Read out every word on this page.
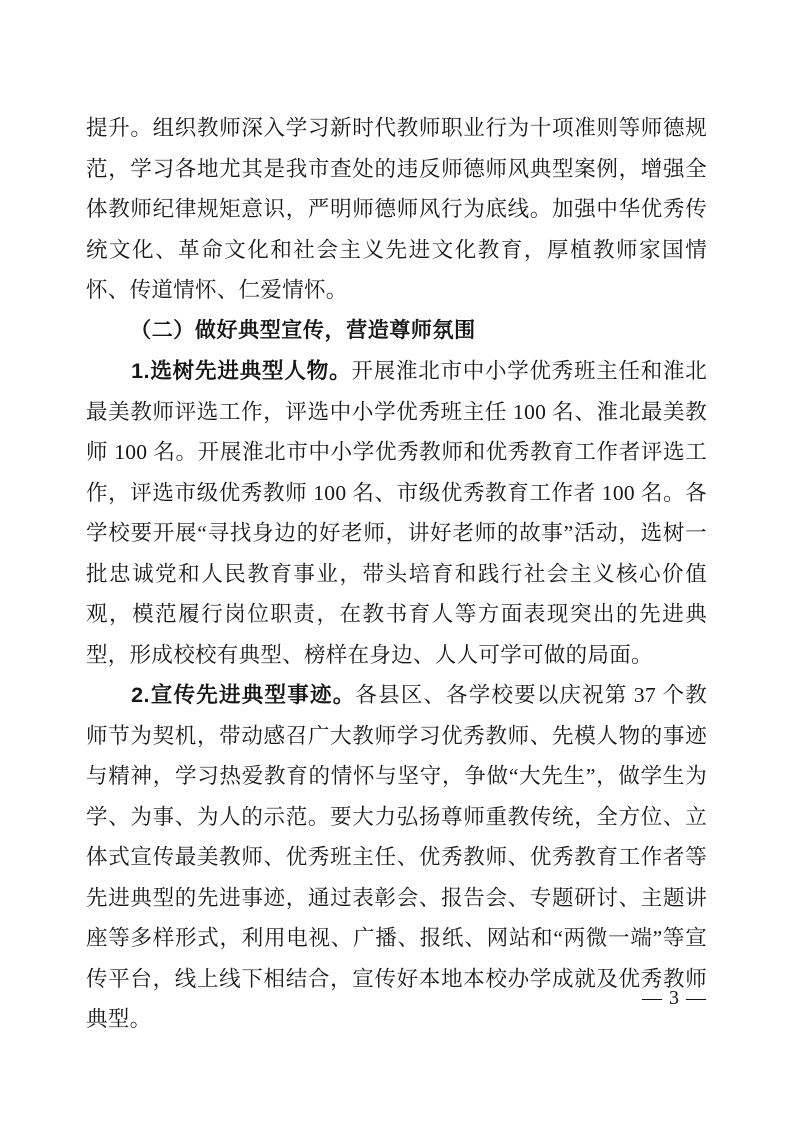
提升。组织教师深入学习新时代教师职业行为十项准则等师德规范，学习各地尤其是我市查处的违反师德师风典型案例，增强全体教师纪律规矩意识，严明师德师风行为底线。加强中华优秀传统文化、革命文化和社会主义先进文化教育，厚植教师家国情怀、传道情怀、仁爱情怀。

（二）做好典型宣传，营造尊师氛围

1.选树先进典型人物。开展淮北市中小学优秀班主任和淮北最美教师评选工作，评选中小学优秀班主任 100 名、淮北最美教师 100 名。开展淮北市中小学优秀教师和优秀教育工作者评选工作，评选市级优秀教师 100 名、市级优秀教育工作者 100 名。各学校要开展“寻找身边的好老师，讲好老师的故事”活动，选树一批忠诚党和人民教育事业，带头培育和践行社会主义核心价值观，模范履行岗位职责，在教书育人等方面表现突出的先进典型，形成校校有典型、榜样在身边、人人可学可做的局面。

2.宣传先进典型事迹。各县区、各学校要以庆祝第 37 个教师节为契机，带动感召广大教师学习优秀教师、先模人物的事迹与精神，学习热爱教育的情怀与坚守，争做“大先生”，做学生为学、为事、为人的示范。要大力弘扬尊师重教传统，全方位、立体式宣传最美教师、优秀班主任、优秀教师、优秀教育工作者等先进典型的先进事迹，通过表彰会、报告会、专题研讨、主题讲座等多样形式，利用电视、广播、报纸、网站和“两微一端”等宣传平台，线上线下相结合，宣传好本地本校办学成就及优秀教师典型。

— 3 —
